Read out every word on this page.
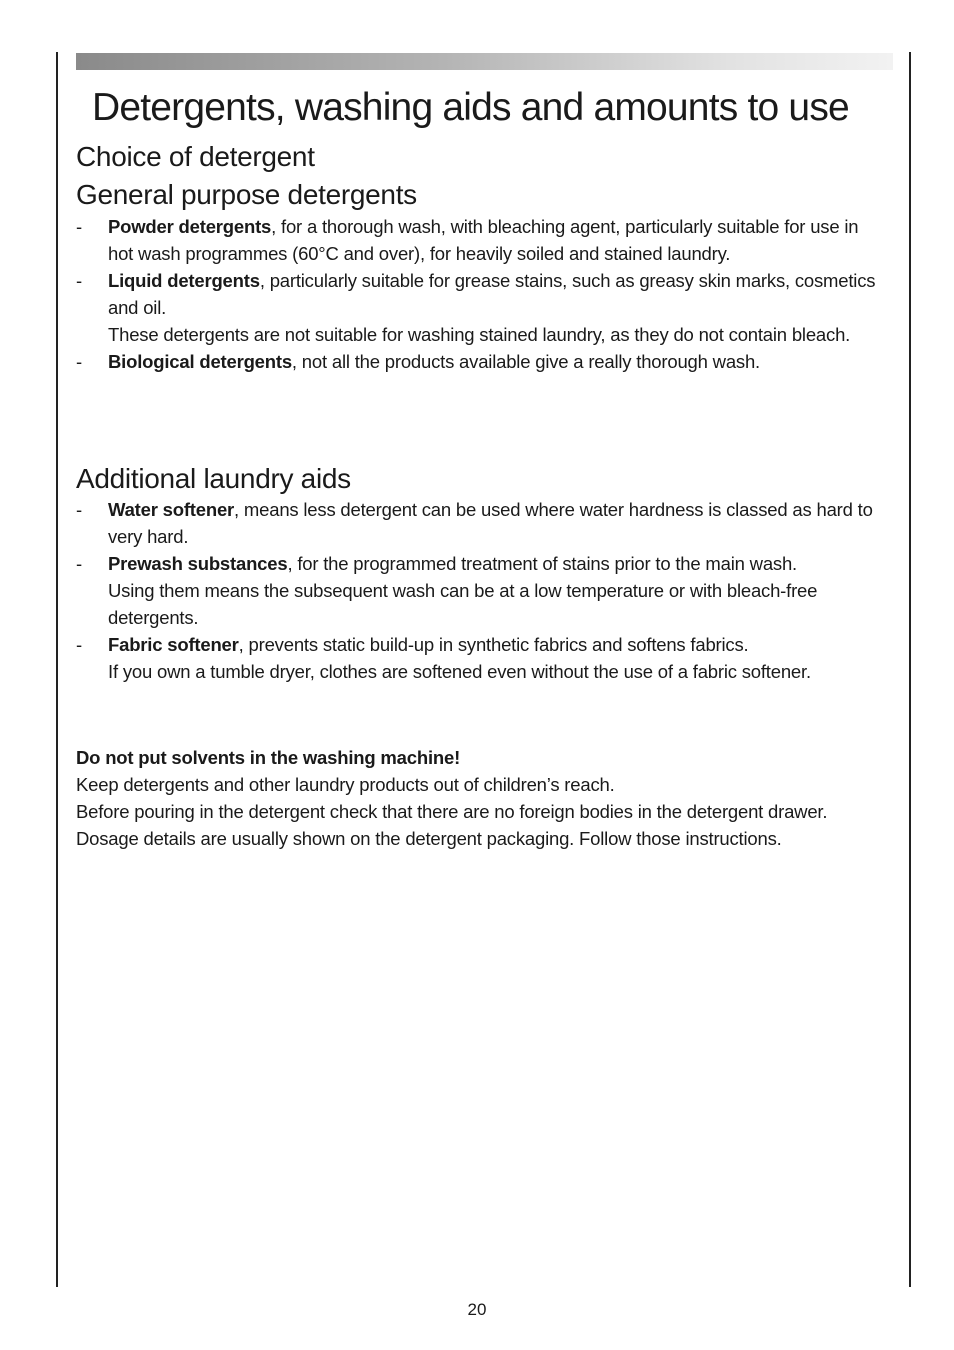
Detergents, washing aids and amounts to use
Choice of detergent
General purpose detergents
- Powder detergents, for a thorough wash, with bleaching agent, particularly suitable for use in hot wash programmes (60°C and over), for heavily soiled and stained laundry.
- Liquid detergents, particularly suitable for grease stains, such as greasy skin marks, cosmetics and oil.
These detergents are not suitable for washing stained laundry, as they do not contain bleach.
- Biological detergents, not all the products available give a really thorough wash.
Additional laundry aids
- Water softener, means less detergent can be used where water hardness is classed as hard to very hard.
- Prewash substances, for the programmed treatment of stains prior to the main wash.
Using them means the subsequent wash can be at a low temperature or with bleach-free detergents.
- Fabric softener, prevents static build-up in synthetic fabrics and softens fabrics.
If you own a tumble dryer, clothes are softened even without the use of a fabric softener.

Do not put solvents in the washing machine!

Keep detergents and other laundry products out of children’s reach.

Before pouring in the detergent check that there are no foreign bodies in the detergent drawer.

Dosage details are usually shown on the detergent packaging. Follow those instructions.

20
